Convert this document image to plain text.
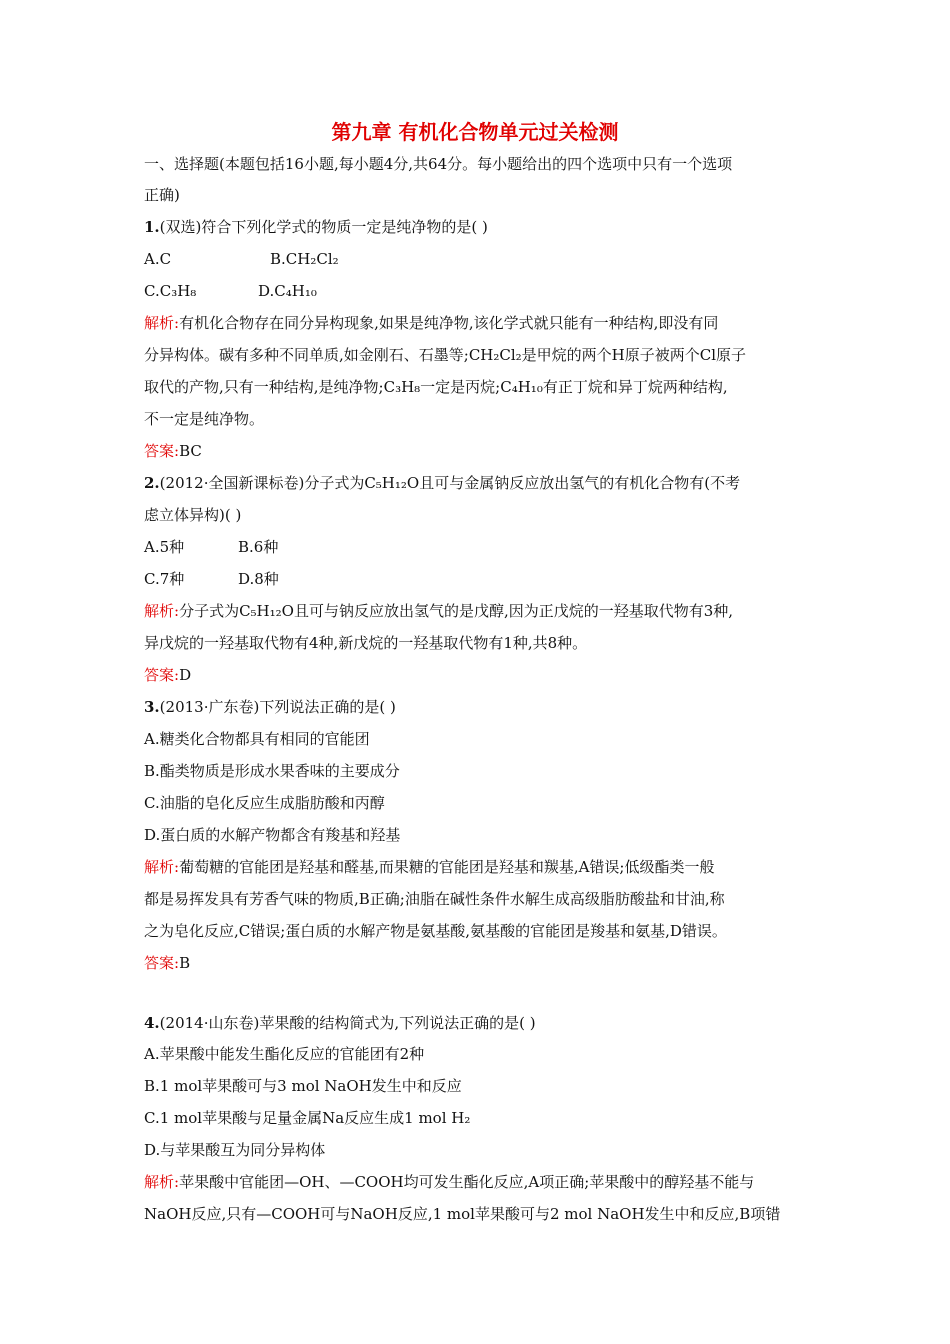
第九章 有机化合物单元过关检测
一、选择题(本题包括16小题,每小题4分,共64分。每小题给出的四个选项中只有一个选项
正确)
1.(双选)符合下列化学式的物质一定是纯净物的是( )
A.C	B.CH₂Cl₂
C.C₃H₈	D.C₄H₁₀
解析:有机化合物存在同分异构现象,如果是纯净物,该化学式就只能有一种结构,即没有同
分异构体。碳有多种不同单质,如金刚石、石墨等;CH₂Cl₂是甲烷的两个H原子被两个Cl原子
取代的产物,只有一种结构,是纯净物;C₃H₈一定是丙烷;C₄H₁₀有正丁烷和异丁烷两种结构,
不一定是纯净物。
答案:BC
2.(2012·全国新课标卷)分子式为C₅H₁₂O且可与金属钠反应放出氢气的有机化合物有(不考
虑立体异构)( )
A.5种	B.6种
C.7种	D.8种
解析:分子式为C₅H₁₂O且可与钠反应放出氢气的是戊醇,因为正戊烷的一羟基取代物有3种,
异戊烷的一羟基取代物有4种,新戊烷的一羟基取代物有1种,共8种。
答案:D
3.(2013·广东卷)下列说法正确的是( )
A.糖类化合物都具有相同的官能团
B.酯类物质是形成水果香味的主要成分
C.油脂的皂化反应生成脂肪酸和丙醇
D.蛋白质的水解产物都含有羧基和羟基
解析:葡萄糖的官能团是羟基和醛基,而果糖的官能团是羟基和羰基,A错误;低级酯类一般
都是易挥发具有芳香气味的物质,B正确;油脂在碱性条件水解生成高级脂肪酸盐和甘油,称
之为皂化反应,C错误;蛋白质的水解产物是氨基酸,氨基酸的官能团是羧基和氨基,D错误。
答案:B
4.(2014·山东卷)苹果酸的结构简式为,下列说法正确的是( )
A.苹果酸中能发生酯化反应的官能团有2种
B.1 mol苹果酸可与3 mol NaOH发生中和反应
C.1 mol苹果酸与足量金属Na反应生成1 mol H₂
D.与苹果酸互为同分异构体
解析:苹果酸中官能团—OH、—COOH均可发生酯化反应,A项正确;苹果酸中的醇羟基不能与
NaOH反应,只有—COOH可与NaOH反应,1 mol苹果酸可与2 mol NaOH发生中和反应,B项错
